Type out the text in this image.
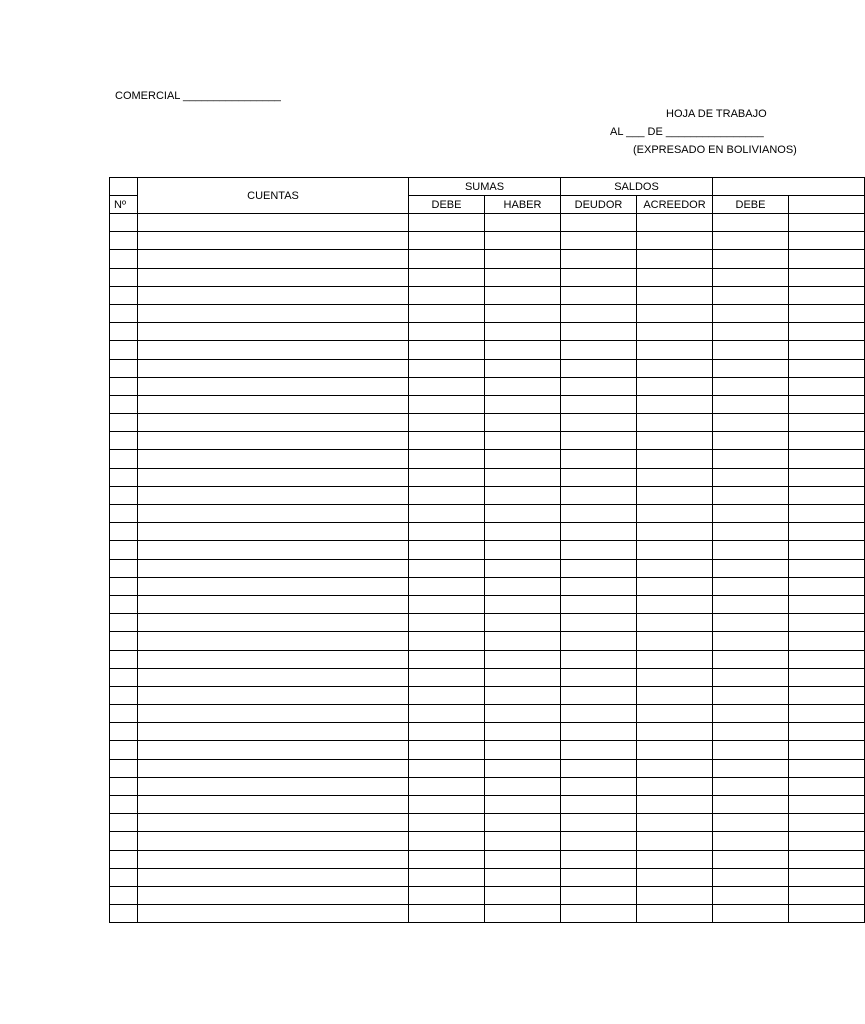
COMERCIAL ________________
HOJA DE TRABAJO
AL ___ DE ________________
(EXPRESADO EN BOLIVIANOS)
	CUENTAS	SUMAS		SALDOS			
Nº		DEBE	HABER	DEUDOR	ACREEDOR	DEBE	
